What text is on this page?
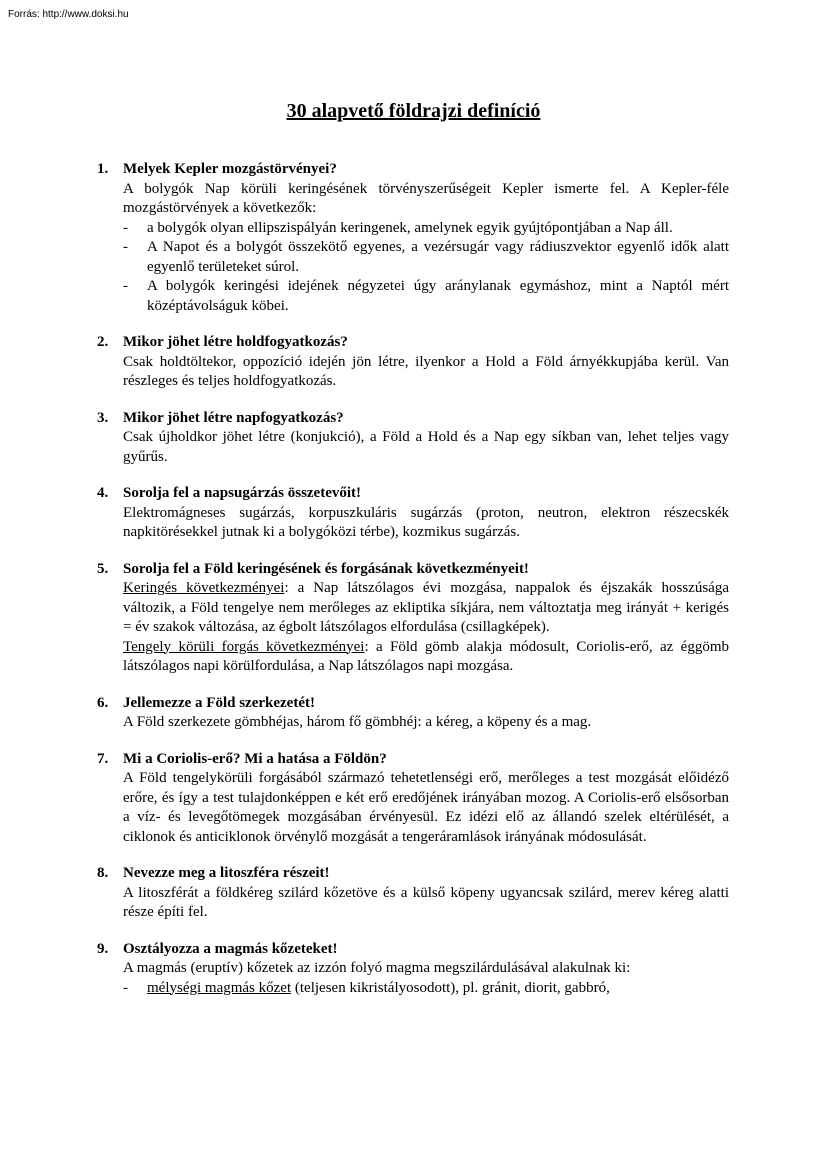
Forrás: http://www.doksi.hu
30 alapvető földrajzi definíció
1. Melyek Kepler mozgástörvényei?

A bolygók Nap körüli keringésének törvényszerűségeit Kepler ismerte fel. A Kepler-féle mozgástörvények a következők:

- a bolygók olyan ellipszispályán keringenek, amelynek egyik gyújtópontjában a Nap áll.
- A Napot és a bolygót összekötő egyenes, a vezérsugár vagy rádiuszvektor egyenlő idők alatt egyenlő területeket súrol.
- A bolygók keringési idejének négyzetei úgy aránylanak egymáshoz, mint a Naptól mért középtávolságuk köbei.
2. Mikor jöhet létre holdfogyatkozás?

Csak holdtöltekor, oppozíció idején jön létre, ilyenkor a Hold a Föld árnyékkupjába kerül. Van részleges és teljes holdfogyatkozás.

3. Mikor jöhet létre napfogyatkozás?

Csak újholdkor jöhet létre (konjukció), a Föld a Hold és a Nap egy síkban van, lehet teljes vagy gyűrűs.

4. Sorolja fel a napsugárzás összetevőit!

Elektromágneses sugárzás, korpuszkuláris sugárzás (proton, neutron, elektron részecskék napkitörésekkel jutnak ki a bolygóközi térbe), kozmikus sugárzás.

5. Sorolja fel a Föld keringésének és forgásának következményeit!

Keringés következményei: a Nap látszólagos évi mozgása, nappalok és éjszakák hosszúsága változik, a Föld tengelye nem merőleges az ekliptika síkjára, nem változtatja meg irányát + kerigés = év szakok változása, az égbolt látszólagos elfordulása (csillagképek).

Tengely körüli forgás következményei: a Föld gömb alakja módosult, Coriolis-erő, az éggömb látszólagos napi körülfordulása, a Nap látszólagos napi mozgása.

6. Jellemezze a Föld szerkezetét!

A Föld szerkezete gömbhéjas, három fő gömbhéj: a kéreg, a köpeny és a mag.

7. Mi a Coriolis-erő? Mi a hatása a Földön?

A Föld tengelykörüli forgásából származó tehetetlenségi erő, merőleges a test mozgását előidéző erőre, és így a test tulajdonképpen e két erő eredőjének irányában mozog. A Coriolis-erő elsősorban a víz- és levegőtömegek mozgásában érvényesül. Ez idézi elő az állandó szelek eltérülését, a ciklonok és anticiklonok örvénylő mozgását a tengeráramlások irányának módosulását.

8. Nevezze meg a litoszféra részeit!

A litoszférát a földkéreg szilárd kőzetöve és a külső köpeny ugyancsak szilárd, merev kéreg alatti része építi fel.

9. Osztályozza a magmás kőzeteket!

A magmás (eruptív) kőzetek az izzón folyó magma megszilárdulásával alakulnak ki:

- mélységi magmás kőzet (teljesen kikristályosodott), pl. gránit, diorit, gabbró,
